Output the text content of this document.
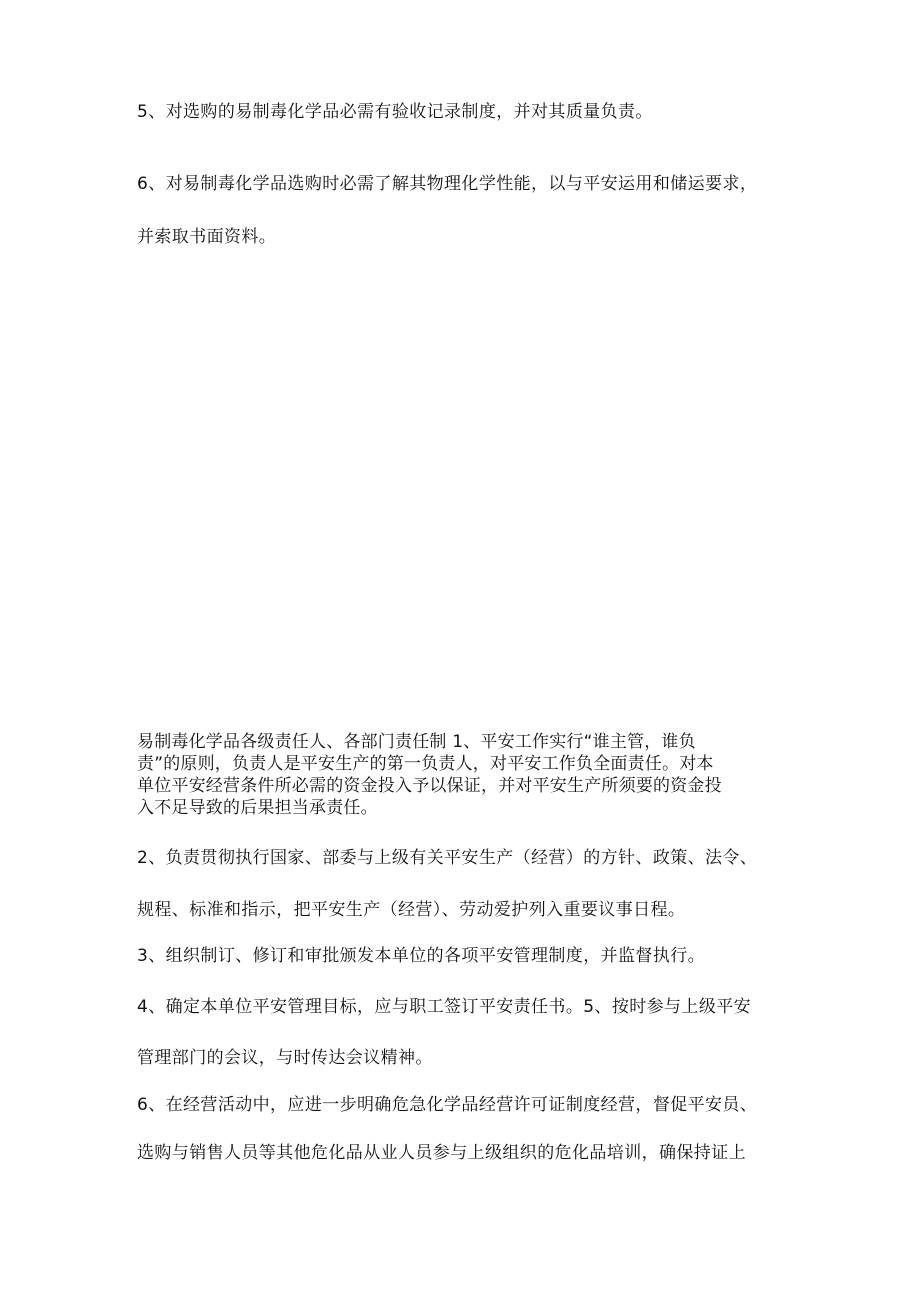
5、对选购的易制毒化学品必需有验收记录制度，并对其质量负责。
6、对易制毒化学品选购时必需了解其物理化学性能，以与平安运用和储运要求，
并索取书面资料。
易制毒化学品各级责任人、各部门责任制 1、平安工作实行“谁主管，谁负
责”的原则，负责人是平安生产的第一负责人，对平安工作负全面责任。对本
单位平安经营条件所必需的资金投入予以保证，并对平安生产所须要的资金投
入不足导致的后果担当承责任。
2、负责贯彻执行国家、部委与上级有关平安生产（经营）的方针、政策、法令、
规程、标准和指示，把平安生产（经营）、劳动爱护列入重要议事日程。
3、组织制订、修订和审批颁发本单位的各项平安管理制度，并监督执行。
4、确定本单位平安管理目标，应与职工签订平安责任书。5、按时参与上级平安
管理部门的会议，与时传达会议精神。
6、在经营活动中，应进一步明确危急化学品经营许可证制度经营，督促平安员、
选购与销售人员等其他危化品从业人员参与上级组织的危化品培训，确保持证上
